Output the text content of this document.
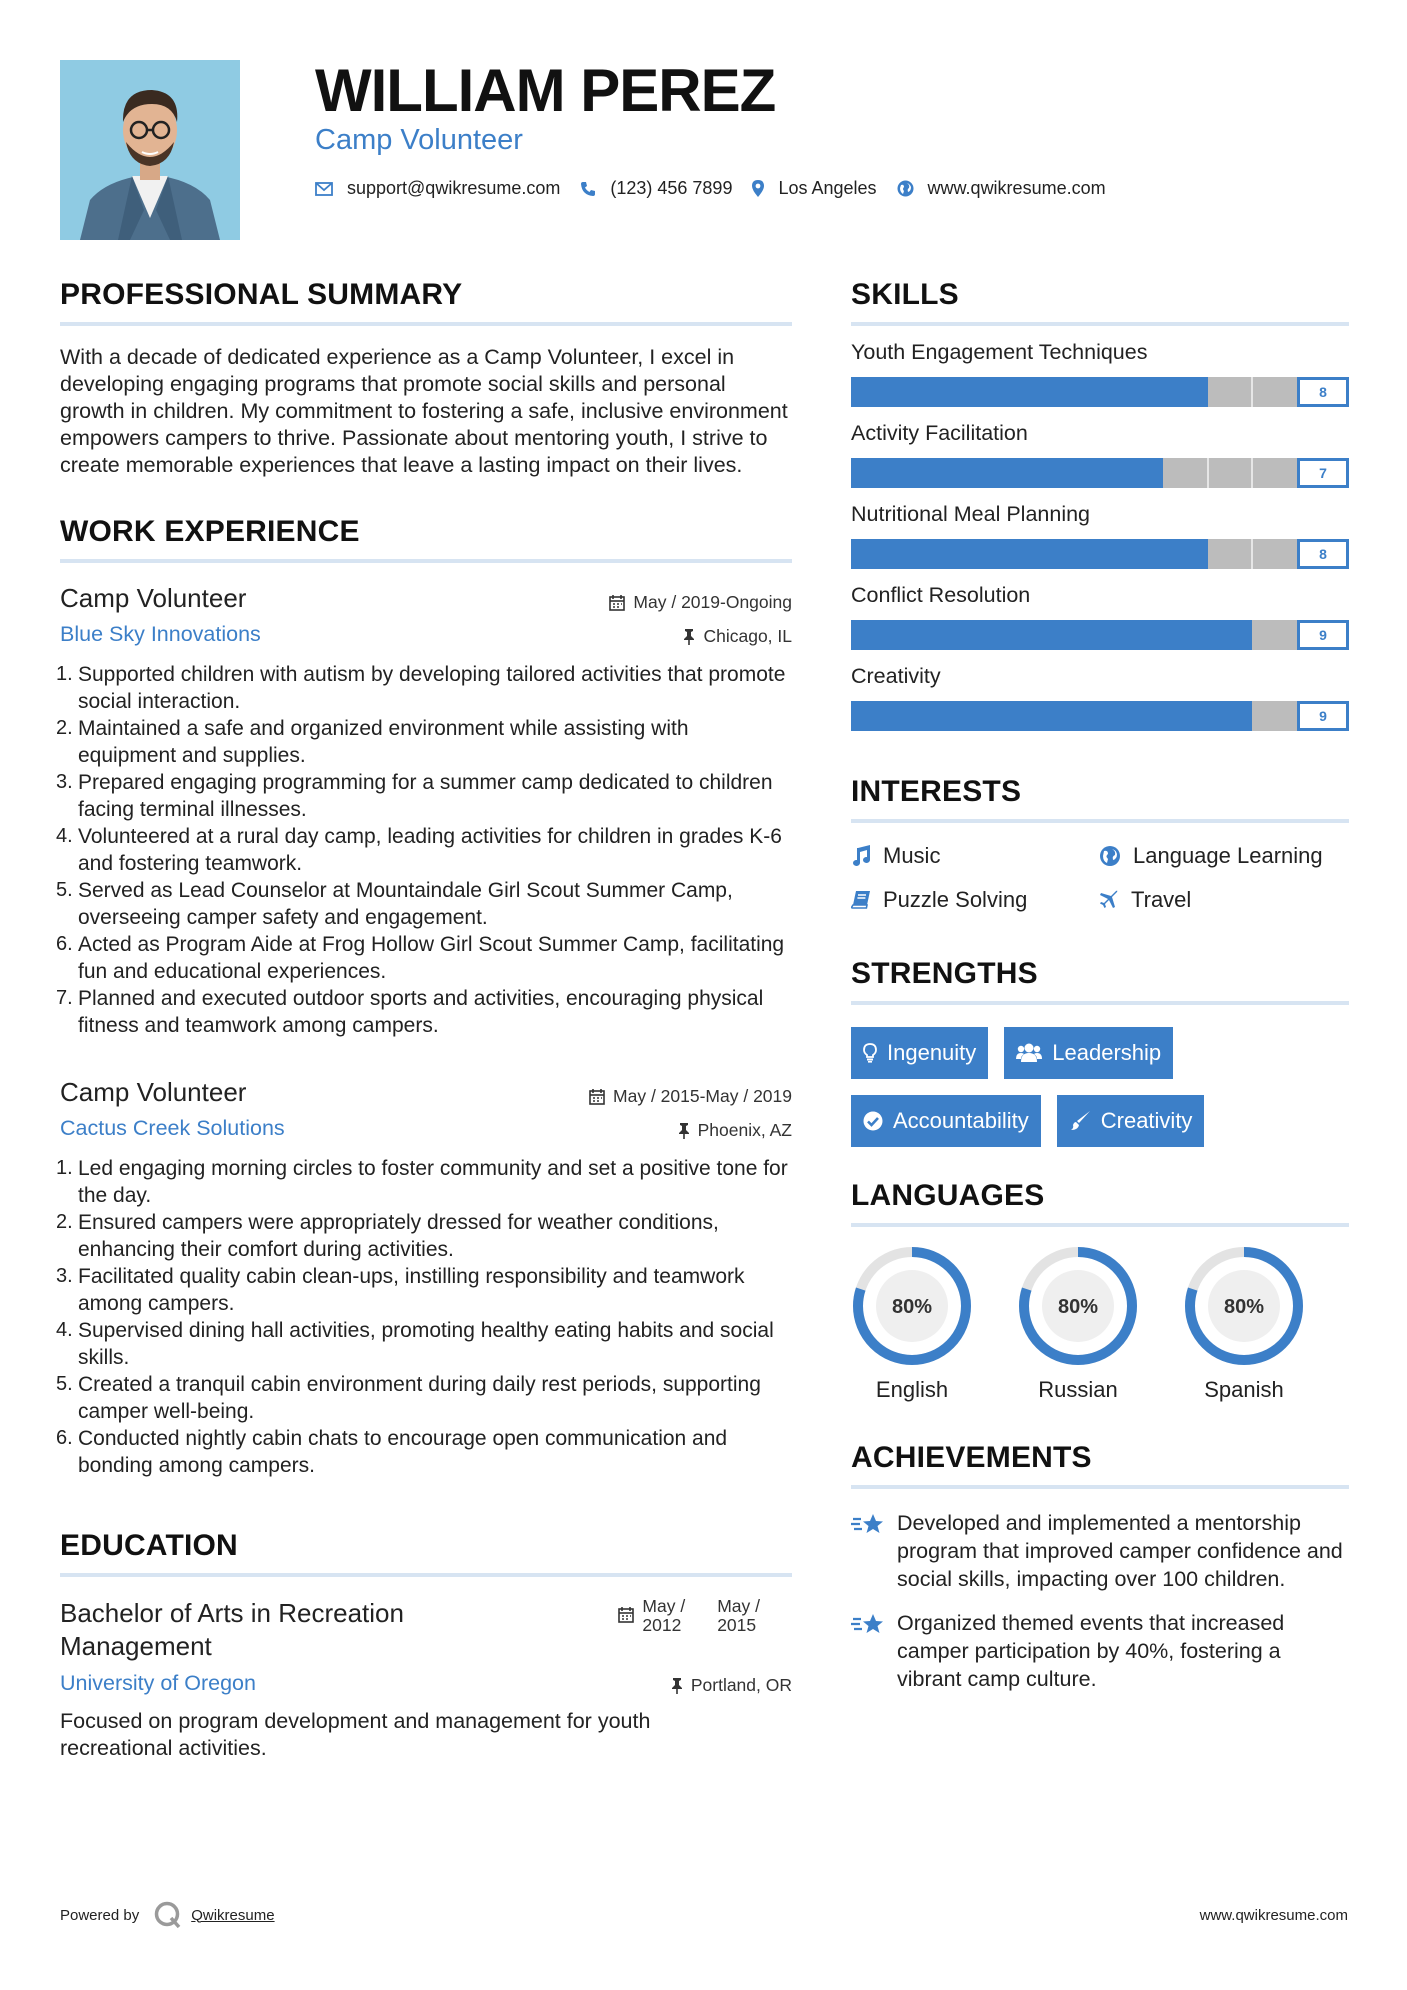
WILLIAM PEREZ
Camp Volunteer
support@qwikresume.com	(123) 456 7899	Los Angeles	www.qwikresume.com
PROFESSIONAL SUMMARY
With a decade of dedicated experience as a Camp Volunteer, I excel in developing engaging programs that promote social skills and personal growth in children. My commitment to fostering a safe, inclusive environment empowers campers to thrive. Passionate about mentoring youth, I strive to create memorable experiences that leave a lasting impact on their lives.
WORK EXPERIENCE
Camp Volunteer
Blue Sky Innovations
May / 2019-Ongoing
Chicago, IL
1. Supported children with autism by developing tailored activities that promote social interaction.
2. Maintained a safe and organized environment while assisting with equipment and supplies.
3. Prepared engaging programming for a summer camp dedicated to children facing terminal illnesses.
4. Volunteered at a rural day camp, leading activities for children in grades K-6 and fostering teamwork.
5. Served as Lead Counselor at Mountaindale Girl Scout Summer Camp, overseeing camper safety and engagement.
6. Acted as Program Aide at Frog Hollow Girl Scout Summer Camp, facilitating fun and educational experiences.
7. Planned and executed outdoor sports and activities, encouraging physical fitness and teamwork among campers.
Camp Volunteer
Cactus Creek Solutions
May / 2015-May / 2019
Phoenix, AZ
1. Led engaging morning circles to foster community and set a positive tone for the day.
2. Ensured campers were appropriately dressed for weather conditions, enhancing their comfort during activities.
3. Facilitated quality cabin clean-ups, instilling responsibility and teamwork among campers.
4. Supervised dining hall activities, promoting healthy eating habits and social skills.
5. Created a tranquil cabin environment during daily rest periods, supporting camper well-being.
6. Conducted nightly cabin chats to encourage open communication and bonding among campers.
EDUCATION
Bachelor of Arts in Recreation Management
University of Oregon
May /
2012
May /
2015
Portland, OR
Focused on program development and management for youth recreational activities.
SKILLS
Youth Engagement Techniques
8
Activity Facilitation
7
Nutritional Meal Planning
8
Conflict Resolution
9
Creativity
9
INTERESTS
Music	Language Learning
Puzzle Solving	Travel
STRENGTHS
Ingenuity	Leadership
Accountability	Creativity
LANGUAGES
80%
English
80%
Russian
80%
Spanish
ACHIEVEMENTS
Developed and implemented a mentorship program that improved camper confidence and social skills, impacting over 100 children.
Organized themed events that increased camper participation by 40%, fostering a vibrant camp culture.
Powered by	Qwikresume	www.qwikresume.com
